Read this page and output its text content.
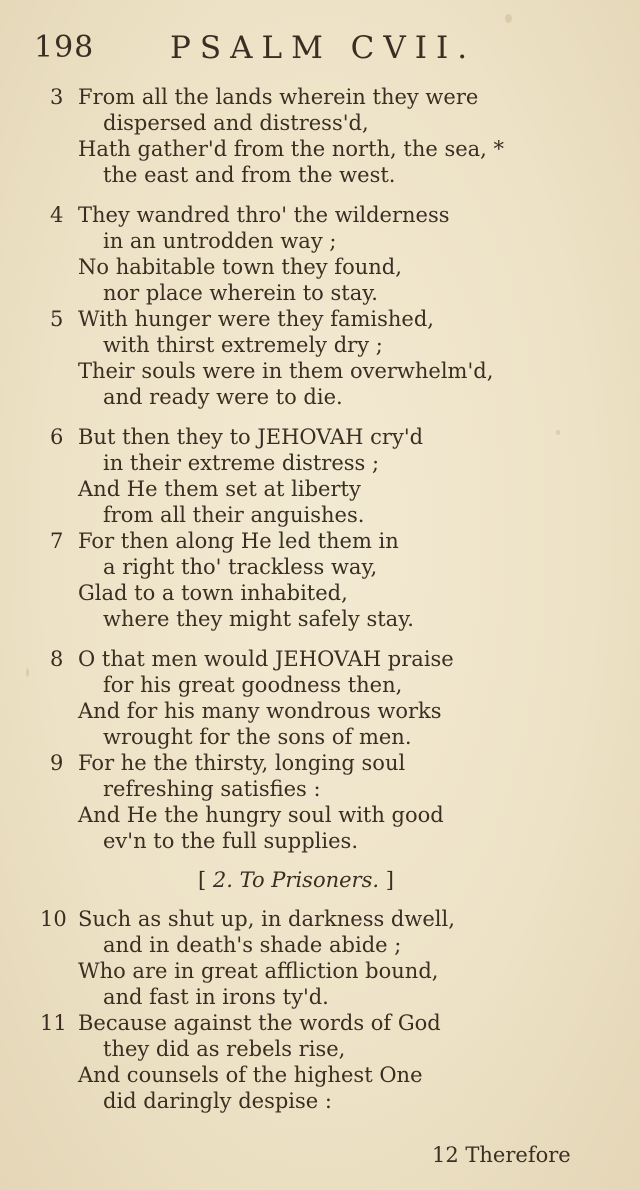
198 PSALM CVII.
3 From all the lands wherein they were
dispersed and distress'd,
Hath gather'd from the north, the sea, *
the east and from the west.
4 They wandred thro' the wilderness
in an untrodden way ;
No habitable town they found,
nor place wherein to stay.
5 With hunger were they famished,
with thirst extremely dry ;
Their souls were in them overwhelm'd,
and ready were to die.
6 But then they to JEHOVAH cry'd
in their extreme distress ;
And He them set at liberty
from all their anguishes.
7 For then along He led them in
a right tho' trackless way,
Glad to a town inhabited,
where they might safely stay.
8 O that men would JEHOVAH praise
for his great goodness then,
And for his many wondrous works
wrought for the sons of men.
9 For he the thirsty, longing soul
refreshing satisfies :
And He the hungry soul with good
ev'n to the full supplies.
[ 2. To Prisoners. ]
10 Such as shut up, in darkness dwell,
and in death's shade abide ;
Who are in great affliction bound,
and fast in irons ty'd.
11 Because against the words of God
they did as rebels rise,
And counsels of the highest One
did daringly despise :
12 Therefore
